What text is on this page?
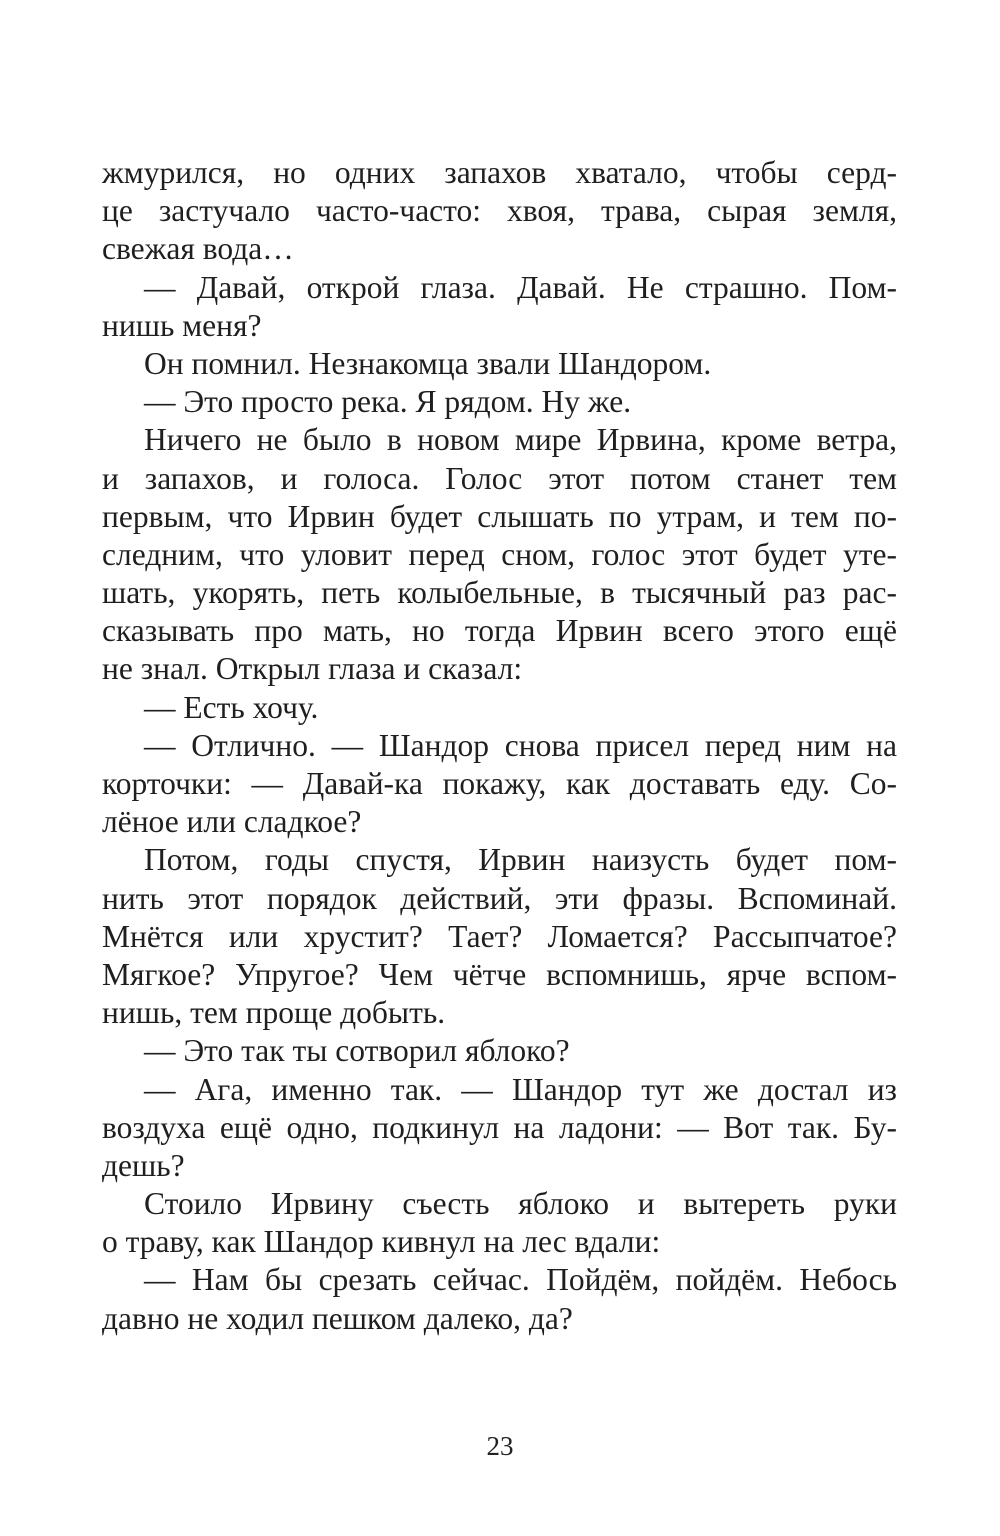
жмурился, но одних запахов хватало, чтобы серд-
це застучало часто-часто: хвоя, трава, сырая земля,
свежая вода…
— Давай, открой глаза. Давай. Не страшно. Пом-
нишь меня?
Он помнил. Незнакомца звали Шандором.
— Это просто река. Я рядом. Ну же.
Ничего не было в новом мире Ирвина, кроме ветра,
и запахов, и голоса. Голос этот потом станет тем
первым, что Ирвин будет слышать по утрам, и тем по-
следним, что уловит перед сном, голос этот будет уте-
шать, укорять, петь колыбельные, в тысячный раз рас-
сказывать про мать, но тогда Ирвин всего этого ещё
не знал. Открыл глаза и сказал:
— Есть хочу.
— Отлично. — Шандор снова присел перед ним на
корточки: — Давай-ка покажу, как доставать еду. Со-
лёное или сладкое?
Потом, годы спустя, Ирвин наизусть будет пом-
нить этот порядок действий, эти фразы. Вспоминай.
Мнётся или хрустит? Тает? Ломается? Рассыпчатое?
Мягкое? Упругое? Чем чётче вспомнишь, ярче вспом-
нишь, тем проще добыть.
— Это так ты сотворил яблоко?
— Ага, именно так. — Шандор тут же достал из
воздуха ещё одно, подкинул на ладони: — Вот так. Бу-
дешь?
Стоило Ирвину съесть яблоко и вытереть руки
о траву, как Шандор кивнул на лес вдали:
— Нам бы срезать сейчас. Пойдём, пойдём. Небось
давно не ходил пешком далеко, да?
23
